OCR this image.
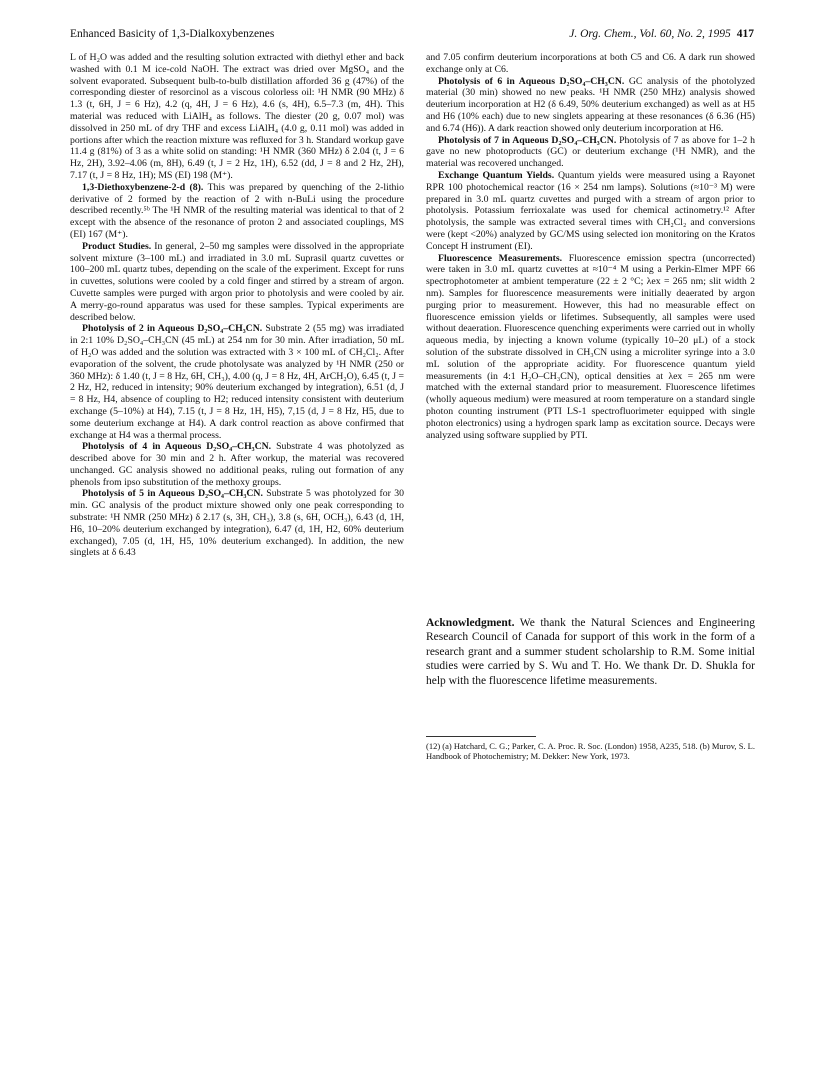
Enhanced Basicity of 1,3-Dialkoxybenzenes	J. Org. Chem., Vol. 60, No. 2, 1995 417

L of H₂O was added and the resulting solution extracted with diethyl ether and back washed with 0.1 M ice-cold NaOH. The extract was dried over MgSO₄ and the solvent evaporated. Subsequent bulb-to-bulb distillation afforded 36 g (47%) of the corresponding diester of resorcinol as a viscous colorless oil: ¹H NMR (90 MHz) δ 1.3 (t, 6H, J = 6 Hz), 4.2 (q, 4H, J = 6 Hz), 4.6 (s, 4H), 6.5–7.3 (m, 4H). This material was reduced with LiAlH₄ as follows. The diester (20 g, 0.07 mol) was dissolved in 250 mL of dry THF and excess LiAlH₄ (4.0 g, 0.11 mol) was added in portions after which the reaction mixture was refluxed for 3 h. Standard workup gave 11.4 g (81%) of 3 as a white solid on standing: ¹H NMR (360 MHz) δ 2.04 (t, J = 6 Hz, 2H), 3.92–4.06 (m, 8H), 6.49 (t, J = 2 Hz, 1H), 6.52 (dd, J = 8 and 2 Hz, 2H), 7.17 (t, J = 8 Hz, 1H); MS (EI) 198 (M⁺).

1,3-Diethoxybenzene-2-d (8). This was prepared by quenching of the 2-lithio derivative of 2 formed by the reaction of 2 with n-BuLi using the procedure described recently.⁵ᵇ The ¹H NMR of the resulting material was identical to that of 2 except with the absence of the resonance of proton 2 and associated couplings, MS (EI) 167 (M⁺).

Product Studies. In general, 2–50 mg samples were dissolved in the appropriate solvent mixture (3–100 mL) and irradiated in 3.0 mL Suprasil quartz cuvettes or 100–200 mL quartz tubes, depending on the scale of the experiment. Except for runs in cuvettes, solutions were cooled by a cold finger and stirred by a stream of argon. Cuvette samples were purged with argon prior to photolysis and were cooled by air. A merry-go-round apparatus was used for these samples. Typical experiments are described below.

Photolysis of 2 in Aqueous D₂SO₄–CH₃CN. Substrate 2 (55 mg) was irradiated in 2:1 10% D₂SO₄–CH₃CN (45 mL) at 254 nm for 30 min. After irradiation, 50 mL of H₂O was added and the solution was extracted with 3 × 100 mL of CH₂Cl₂. After evaporation of the solvent, the crude photolysate was analyzed by ¹H NMR (250 or 360 MHz): δ 1.40 (t, J = 8 Hz, 6H, CH₃), 4.00 (q, J = 8 Hz, 4H, ArCH₂O), 6.45 (t, J = 2 Hz, H2, reduced in intensity; 90% deuterium exchanged by integration), 6.51 (d, J = 8 Hz, H4, absence of coupling to H2; reduced intensity consistent with deuterium exchange (5–10%) at H4), 7.15 (t, J = 8 Hz, 1H, H5), 7,15 (d, J = 8 Hz, H5, due to some deuterium exchange at H4). A dark control reaction as above confirmed that exchange at H4 was a thermal process.

Photolysis of 4 in Aqueous D₂SO₄–CH₃CN. Substrate 4 was photolyzed as described above for 30 min and 2 h. After workup, the material was recovered unchanged. GC analysis showed no additional peaks, ruling out formation of any phenols from ipso substitution of the methoxy groups.

Photolysis of 5 in Aqueous D₂SO₄–CH₃CN. Substrate 5 was photolyzed for 30 min. GC analysis of the product mixture showed only one peak corresponding to substrate: ¹H NMR (250 MHz) δ 2.17 (s, 3H, CH₃), 3.8 (s, 6H, OCH₃), 6.43 (d, 1H, H6, 10–20% deuterium exchanged by integration), 6.47 (d, 1H, H2, 60% deuterium exchanged), 7.05 (d, 1H, H5, 10% deuterium exchanged). In addition, the new singlets at δ 6.43

and 7.05 confirm deuterium incorporations at both C5 and C6. A dark run showed exchange only at C6.

Photolysis of 6 in Aqueous D₂SO₄–CH₃CN. GC analysis of the photolyzed material (30 min) showed no new peaks. ¹H NMR (250 MHz) analysis showed deuterium incorporation at H2 (δ 6.49, 50% deuterium exchanged) as well as at H5 and H6 (10% each) due to new singlets appearing at these resonances (δ 6.36 (H5) and 6.74 (H6)). A dark reaction showed only deuterium incorporation at H6.

Photolysis of 7 in Aqueous D₂SO₄–CH₃CN. Photolysis of 7 as above for 1–2 h gave no new photoproducts (GC) or deuterium exchange (¹H NMR), and the material was recovered unchanged.

Exchange Quantum Yields. Quantum yields were measured using a Rayonet RPR 100 photochemical reactor (16 × 254 nm lamps). Solutions (≈10⁻³ M) were prepared in 3.0 mL quartz cuvettes and purged with a stream of argon prior to photolysis. Potassium ferrioxalate was used for chemical actinometry.¹² After photolysis, the sample was extracted several times with CH₂Cl₂ and conversions were (kept <20%) analyzed by GC/MS using selected ion monitoring on the Kratos Concept H instrument (EI).

Fluorescence Measurements. Fluorescence emission spectra (uncorrected) were taken in 3.0 mL quartz cuvettes at ≈10⁻⁴ M using a Perkin-Elmer MPF 66 spectrophotometer at ambient temperature (22 ± 2 °C; λex = 265 nm; slit width 2 nm). Samples for fluorescence measurements were initially deaerated by argon purging prior to measurement. However, this had no measurable effect on fluorescence emission yields or lifetimes. Subsequently, all samples were used without deaeration. Fluorescence quenching experiments were carried out in wholly aqueous media, by injecting a known volume (typically 10–20 μL) of a stock solution of the substrate dissolved in CH₃CN using a microliter syringe into a 3.0 mL solution of the appropriate acidity. For fluorescence quantum yield measurements (in 4:1 H₂O–CH₃CN), optical densities at λex = 265 nm were matched with the external standard prior to measurement. Fluorescence lifetimes (wholly aqueous medium) were measured at room temperature on a standard single photon counting instrument (PTI LS-1 spectrofluorimeter equipped with single photon electronics) using a hydrogen spark lamp as excitation source. Decays were analyzed using software supplied by PTI.

Acknowledgment. We thank the Natural Sciences and Engineering Research Council of Canada for support of this work in the form of a research grant and a summer student scholarship to R.M. Some initial studies were carried by S. Wu and T. Ho. We thank Dr. D. Shukla for help with the fluorescence lifetime measurements.

(12) (a) Hatchard, C. G.; Parker, C. A. Proc. R. Soc. (London) 1958, A235, 518. (b) Murov, S. L. Handbook of Photochemistry; M. Dekker: New York, 1973.
